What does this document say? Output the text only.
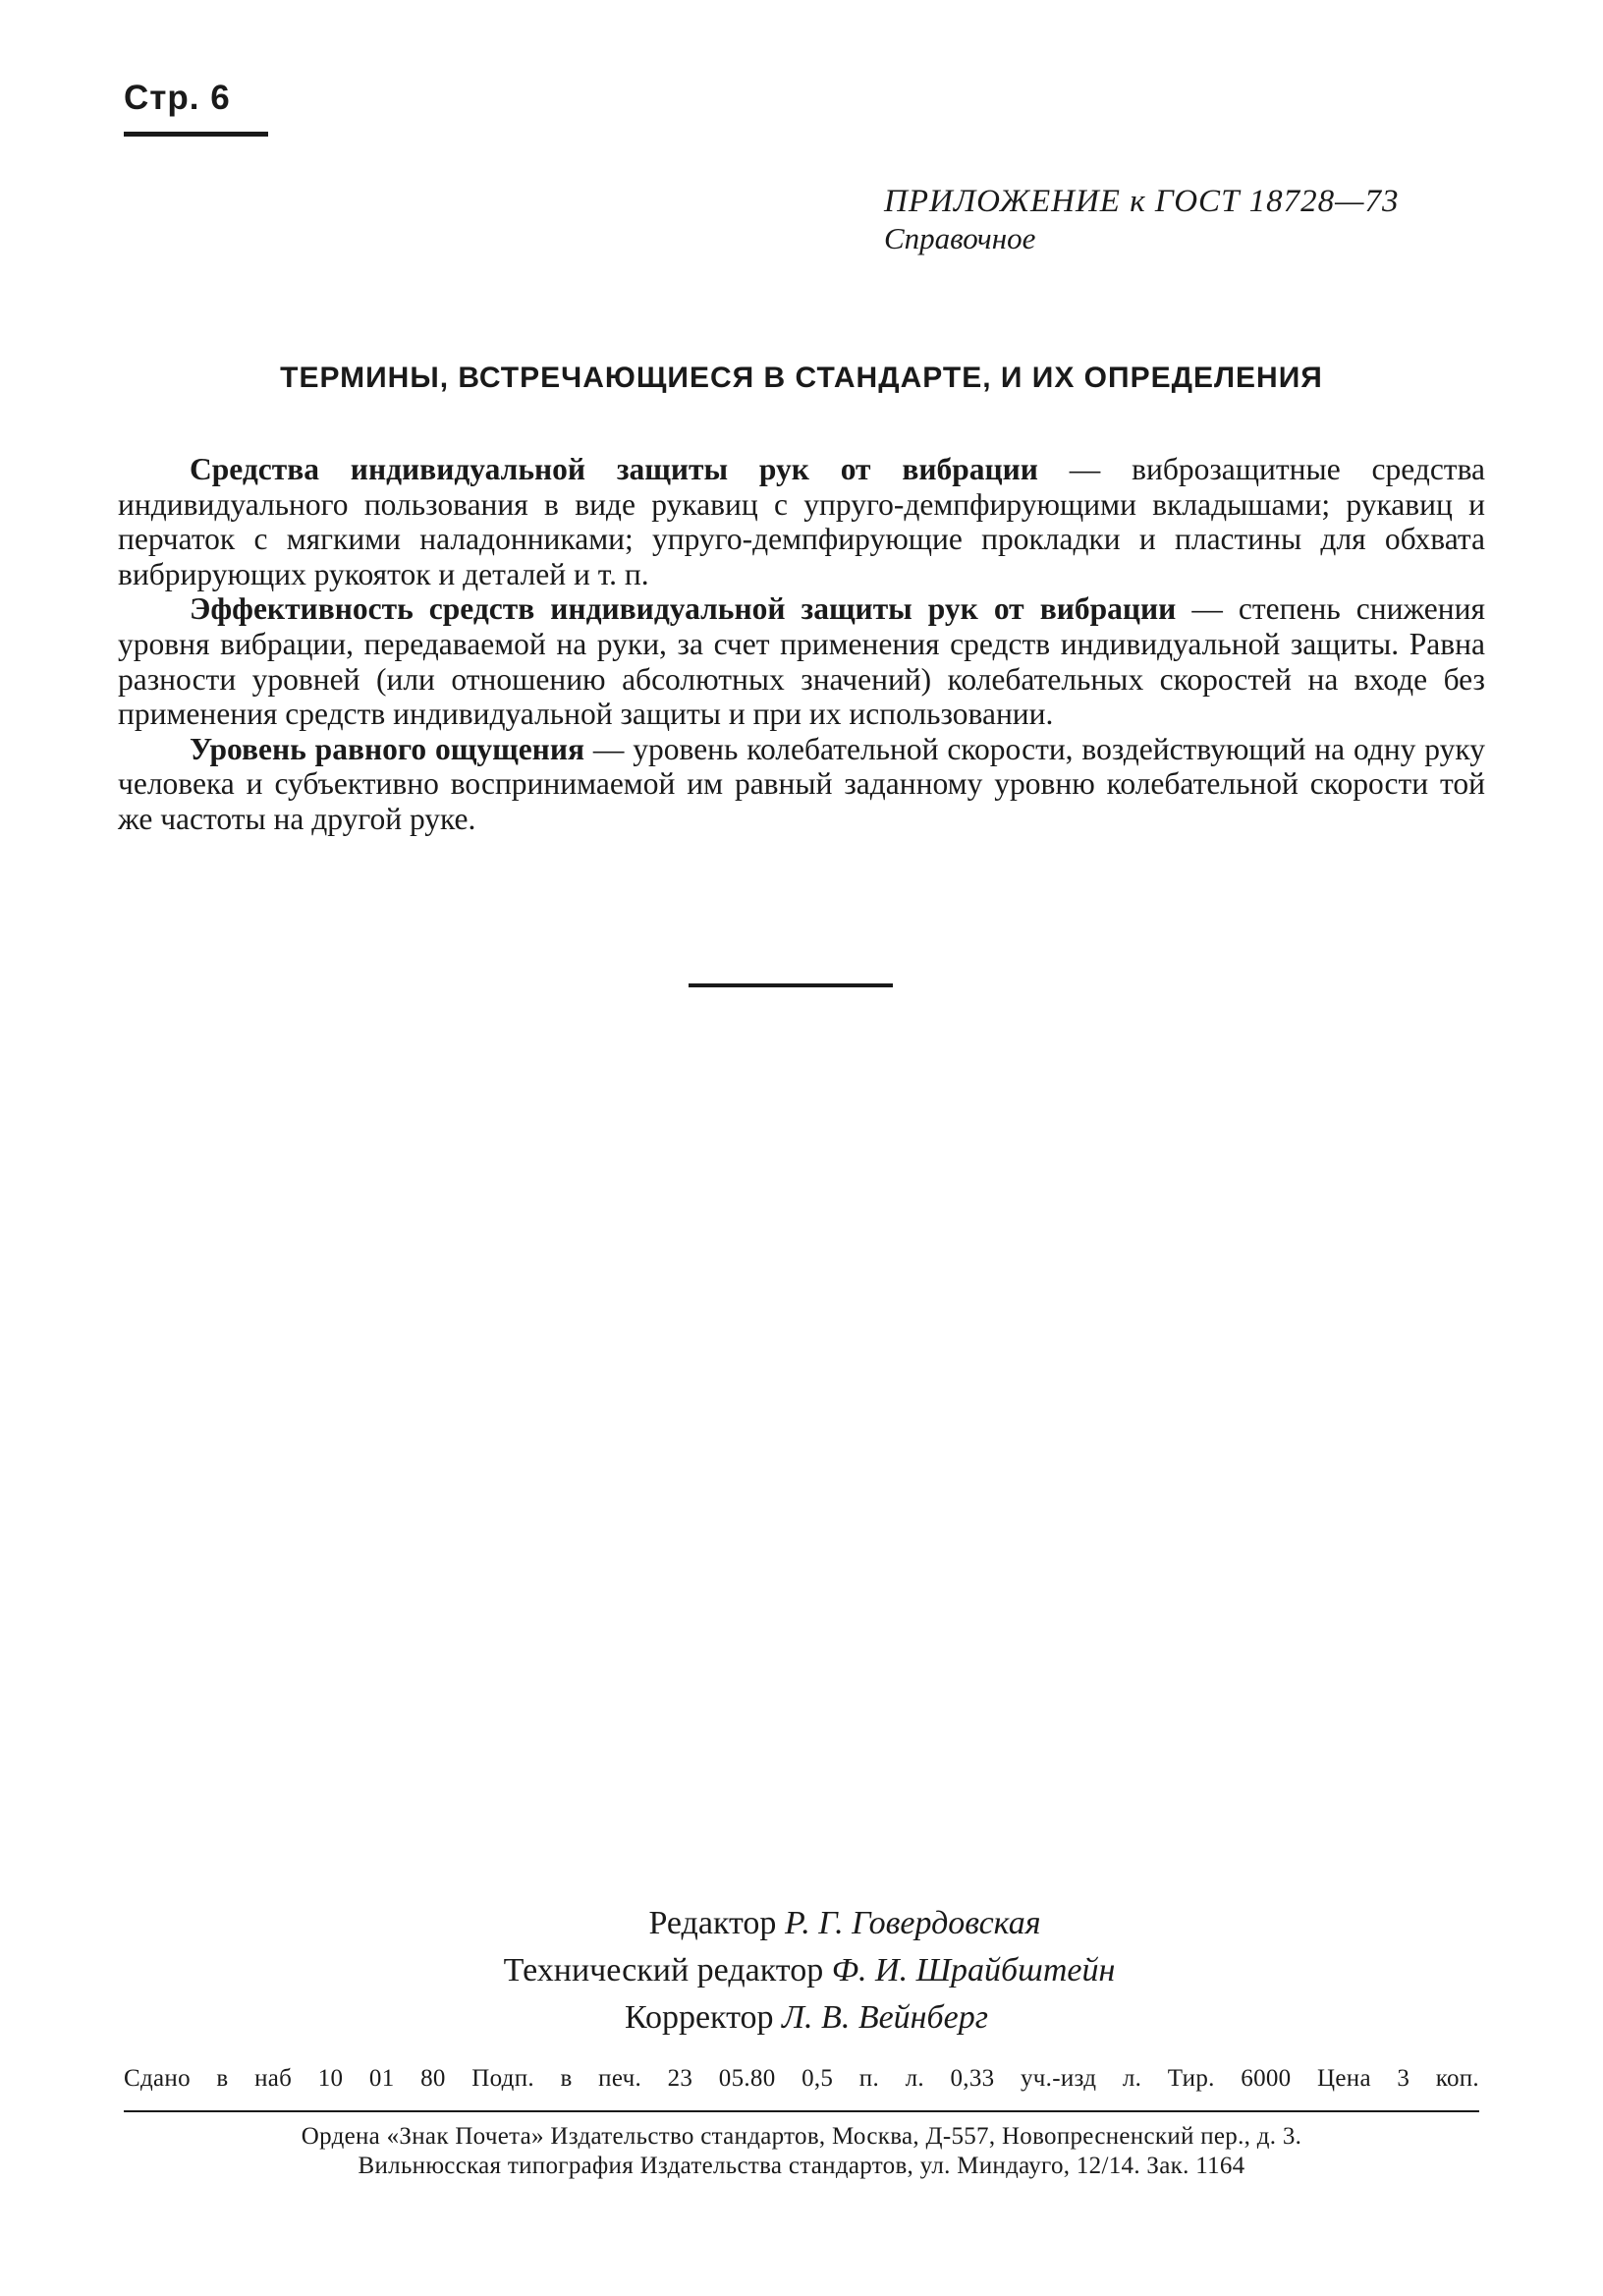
Стр. 6
ПРИЛОЖЕНИЕ к ГОСТ 18728—73
Справочное
ТЕРМИНЫ, ВСТРЕЧАЮЩИЕСЯ В СТАНДАРТЕ, И ИХ ОПРЕДЕЛЕНИЯ

Средства индивидуальной защиты рук от вибрации — виброзащитные средства индивидуального пользования в виде рукавиц с упруго-демпфирующими вкладышами; рукавиц и перчаток с мягкими наладонниками; упруго-демпфирующие прокладки и пластины для обхвата вибрирующих рукояток и деталей и т. п.

Эффективность средств индивидуальной защиты рук от вибрации — степень снижения уровня вибрации, передаваемой на руки, за счет применения средств индивидуальной защиты. Равна разности уровней (или отношению абсолютных значений) колебательных скоростей на входе без применения средств индивидуальной защиты и при их использовании.

Уровень равного ощущения — уровень колебательной скорости, воздействующий на одну руку человека и субъективно воспринимаемой им равный заданному уровню колебательной скорости той же частоты на другой руке.

Редактор Р. Г. Говердовская
Технический редактор Ф. И. Шрайбштейн
Корректор Л. В. Вейнберг
Сдано в наб 10 01 80 Подп. в печ. 23 05.80 0,5 п. л. 0,33 уч.-изд л. Тир. 6000 Цена 3 коп.
Ордена «Знак Почета» Издательство стандартов, Москва, Д-557, Новопресненский пер., д. 3.
Вильнюсская типография Издательства стандартов, ул. Миндауго, 12/14. Зак. 1164
